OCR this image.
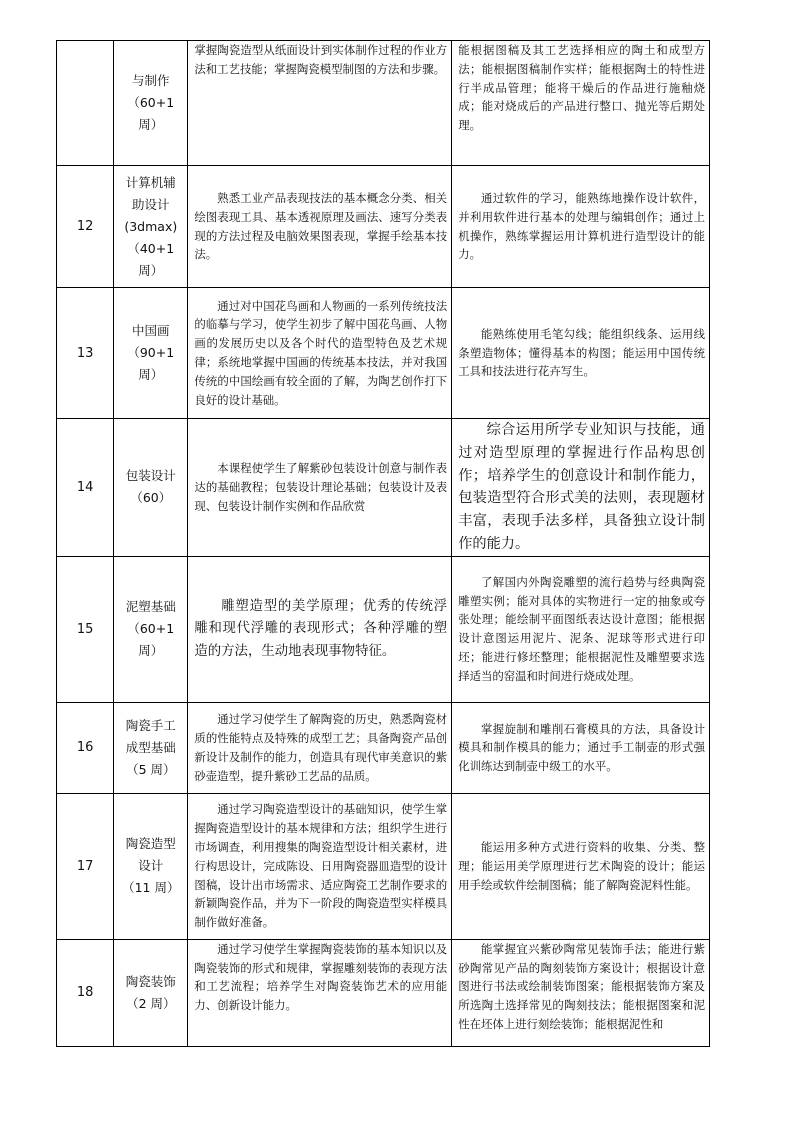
	与制作
（60+1
周）	掌握陶瓷造型从纸面设计到实体制作过程的作业方法和工艺技能；掌握陶瓷模型制图的方法和步骤。	能根据图稿及其工艺选择相应的陶土和成型方法；能根据图稿制作实样；能根据陶土的特性进行半成品管理；能将干燥后的作品进行施釉烧成；能对烧成后的产品进行整口、抛光等后期处理。

12	计算机辅
助设计
(3dmax)
（40+1
周）	熟悉工业产品表现技法的基本概念分类、相关绘图表现工具、基本透视原理及画法、速写分类表现的方法过程及电脑效果图表现，掌握手绘基本技法。	通过软件的学习，能熟练地操作设计软件，并利用软件进行基本的处理与编辑创作；通过上机操作，熟练掌握运用计算机进行造型设计的能力。

13	中国画
（90+1
周）	通过对中国花鸟画和人物画的一系列传统技法的临摹与学习，使学生初步了解中国花鸟画、人物画的发展历史以及各个时代的造型特色及艺术规律；系统地掌握中国画的传统基本技法，并对我国传统的中国绘画有较全面的了解，为陶艺创作打下良好的设计基础。	能熟练使用毛笔勾线；能组织线条、运用线条塑造物体；懂得基本的构图；能运用中国传统工具和技法进行花卉写生。

14	包装设计
（60）	本课程使学生了解紫砂包装设计创意与制作表达的基础教程；包装设计理论基础；包装设计及表现、包装设计制作实例和作品欣赏	综合运用所学专业知识与技能，通过对造型原理的掌握进行作品构思创作；培养学生的创意设计和制作能力，包装造型符合形式美的法则，表现题材丰富，表现手法多样，具备独立设计制作的能力。

15	泥塑基础
（60+1
周）	雕塑造型的美学原理；优秀的传统浮雕和现代浮雕的表现形式；各种浮雕的塑造的方法，生动地表现事物特征。	了解国内外陶瓷雕塑的流行趋势与经典陶瓷雕塑实例；能对具体的实物进行一定的抽象或夸张处理；能绘制平面图纸表达设计意图；能根据设计意图运用泥片、泥条、泥球等形式进行印坯；能进行修坯整理；能根据泥性及雕塑要求选择适当的窑温和时间进行烧成处理。

16	陶瓷手工
成型基础
（5 周）	通过学习使学生了解陶瓷的历史，熟悉陶瓷材质的性能特点及特殊的成型工艺；具备陶瓷产品创新设计及制作的能力，创造具有现代审美意识的紫砂壶造型，提升紫砂工艺品的品质。	掌握旋制和雕削石膏模具的方法，具备设计模具和制作模具的能力；通过手工制壶的形式强化训练达到制壶中级工的水平。

17	陶瓷造型
设计
（11 周）	通过学习陶瓷造型设计的基础知识，使学生掌握陶瓷造型设计的基本规律和方法；组织学生进行市场调查，利用搜集的陶瓷造型设计相关素材，进行构思设计，完成陈设、日用陶瓷器皿造型的设计图稿，设计出市场需求、适应陶瓷工艺制作要求的新颖陶瓷作品，并为下一阶段的陶瓷造型实样模具制作做好准备。	能运用多种方式进行资料的收集、分类、整理；能运用美学原理进行艺术陶瓷的设计；能运用手绘或软件绘制图稿；能了解陶瓷泥料性能。

18	陶瓷装饰
（2 周）	通过学习使学生掌握陶瓷装饰的基本知识以及陶瓷装饰的形式和规律，掌握雕刻装饰的表现方法和工艺流程；培养学生对陶瓷装饰艺术的应用能力、创新设计能力。	能掌握宜兴紫砂陶常见装饰手法；能进行紫砂陶常见产品的陶刻装饰方案设计；根据设计意图进行书法或绘制装饰图案；能根据装饰方案及所选陶土选择常见的陶刻技法；能根据图案和泥性在坯体上进行刻绘装饰；能根据泥性和
